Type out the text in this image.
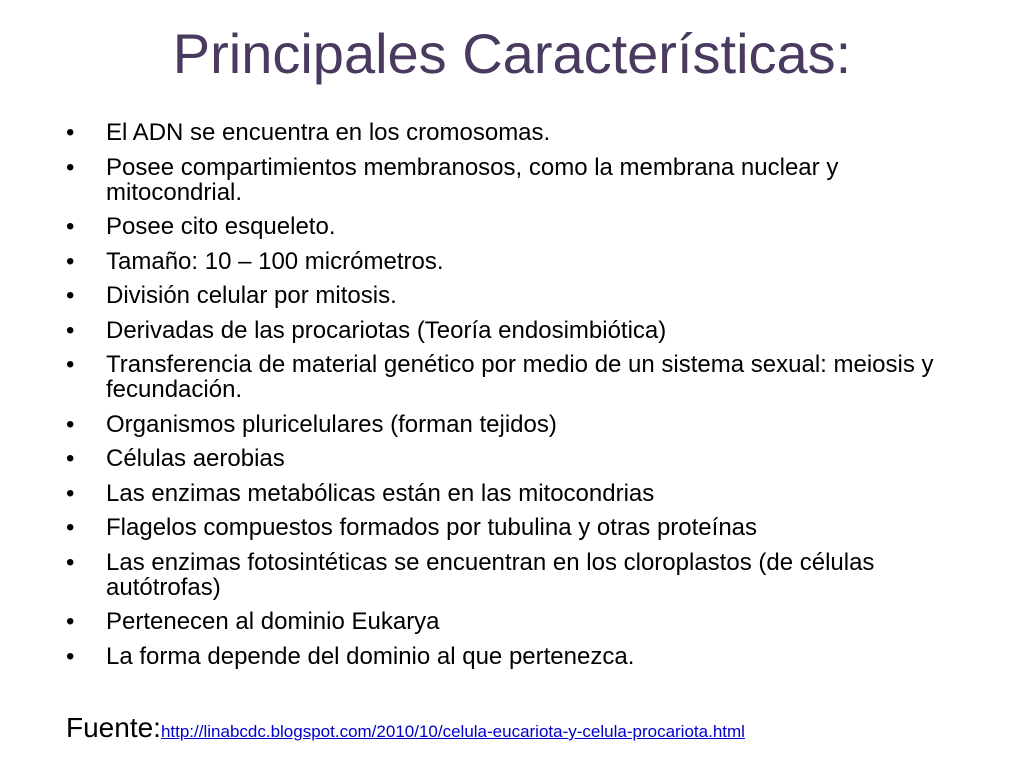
Principales Características:
•	El ADN se encuentra en los cromosomas.
•	Posee compartimientos membranosos, como la membrana nuclear y mitocondrial.
•	Posee cito esqueleto.
•	Tamaño: 10 – 100 micrómetros.
•	División celular por mitosis.
•	Derivadas de las procariotas (Teoría endosimbiótica)
•	Transferencia de material genético por medio de un sistema sexual: meiosis y fecundación.
•	Organismos pluricelulares (forman tejidos)
•	Células aerobias
•	Las enzimas metabólicas están en las mitocondrias
•	Flagelos compuestos formados por tubulina y otras proteínas
•	Las enzimas fotosintéticas se encuentran en los cloroplastos (de células autótrofas)
•	Pertenecen al dominio Eukarya
•	La forma depende del dominio al que pertenezca.
Fuente:http://linabcdc.blogspot.com/2010/10/celula-eucariota-y-celula-procariota.html
